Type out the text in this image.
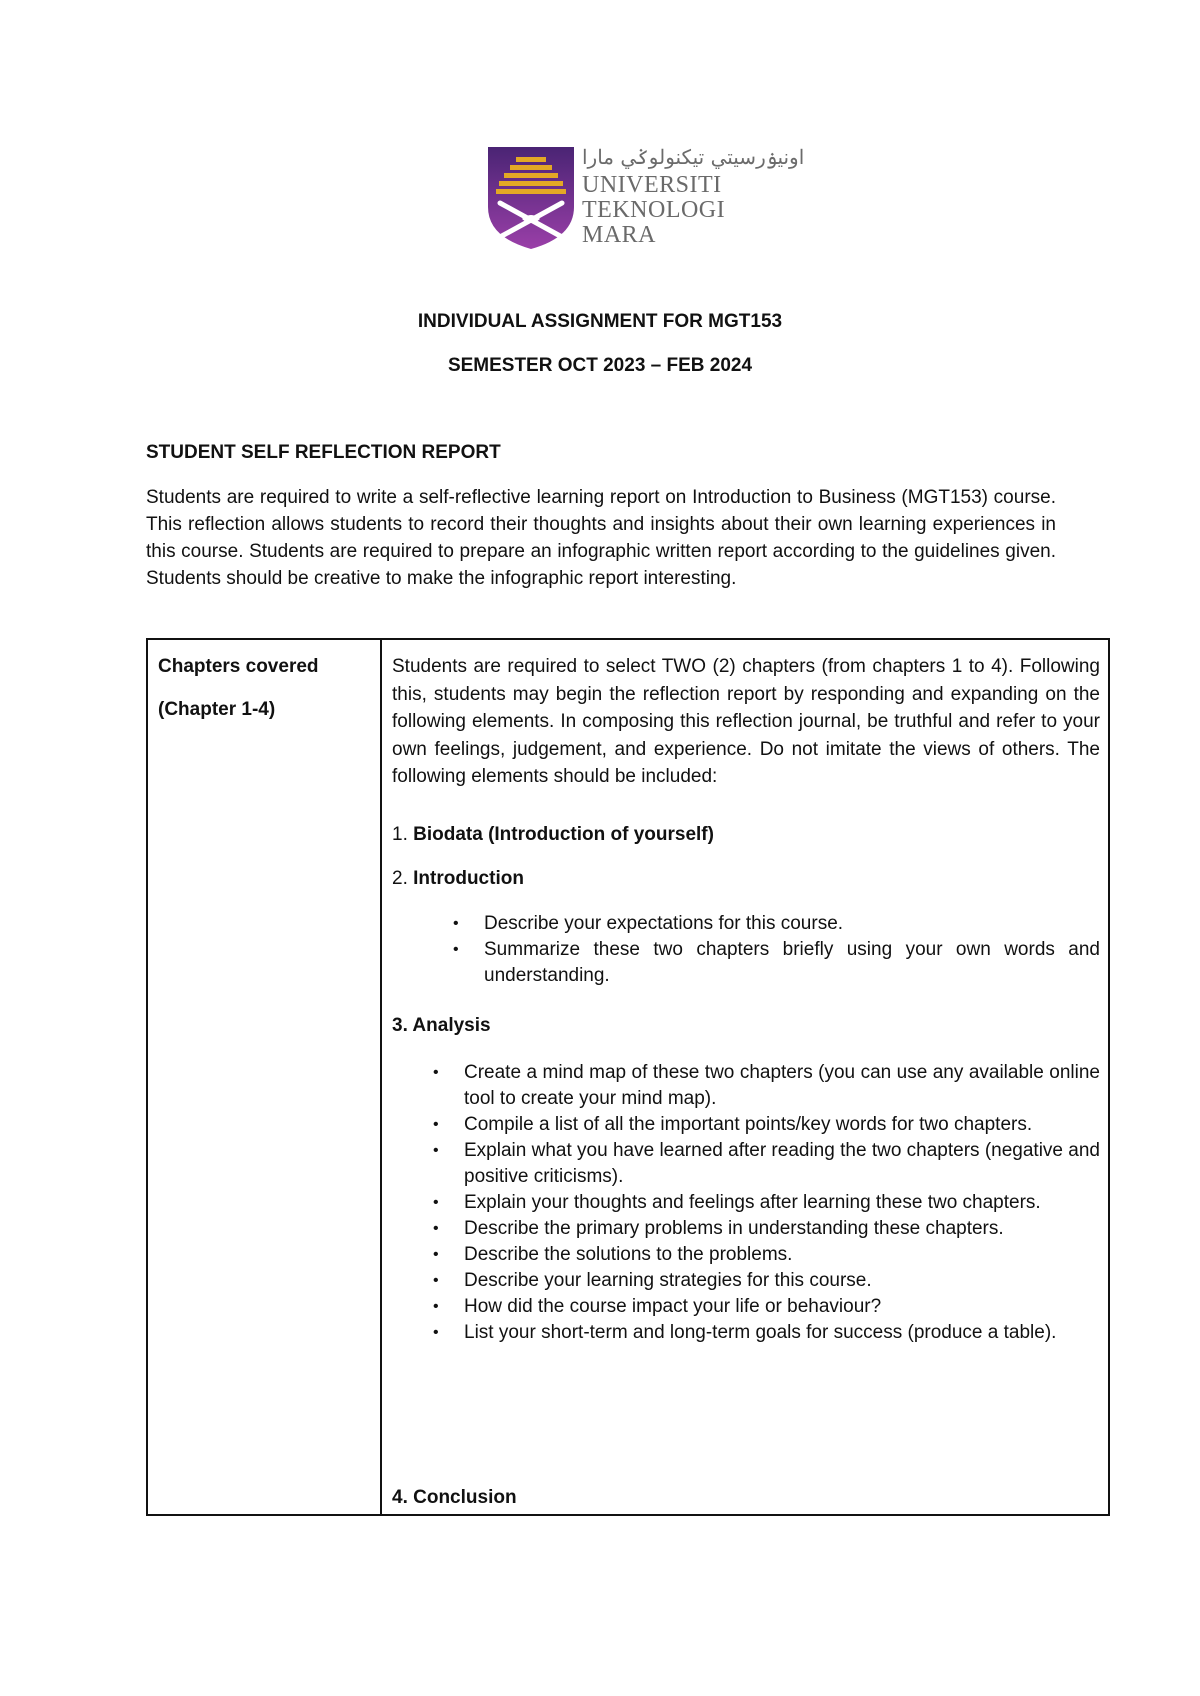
اونيۏرسيتي تيكنولوݢي مارا
UNIVERSITI
TEKNOLOGI
MARA
INDIVIDUAL ASSIGNMENT FOR MGT153
SEMESTER OCT 2023 – FEB 2024
STUDENT SELF REFLECTION REPORT

Students are required to write a self-reflective learning report on Introduction to Business (MGT153) course. This reflection allows students to record their thoughts and insights about their own learning experiences in this course. Students are required to prepare an infographic written report according to the guidelines given. Students should be creative to make the infographic report interesting.

Chapters covered
(Chapter 1-4)

Students are required to select TWO (2) chapters (from chapters 1 to 4). Following this, students may begin the reflection report by responding and expanding on the following elements. In composing this reflection journal, be truthful and refer to your own feelings, judgement, and experience. Do not imitate the views of others. The following elements should be included:

1. Biodata (Introduction of yourself)
2. Introduction
• Describe your expectations for this course.
• Summarize these two chapters briefly using your own words and understanding.
3. Analysis
• Create a mind map of these two chapters (you can use any available online tool to create your mind map).
• Compile a list of all the important points/key words for two chapters.
• Explain what you have learned after reading the two chapters (negative and positive criticisms).
• Explain your thoughts and feelings after learning these two chapters.
• Describe the primary problems in understanding these chapters.
• Describe the solutions to the problems.
• Describe your learning strategies for this course.
• How did the course impact your life or behaviour?
• List your short-term and long-term goals for success (produce a table).
4. Conclusion
